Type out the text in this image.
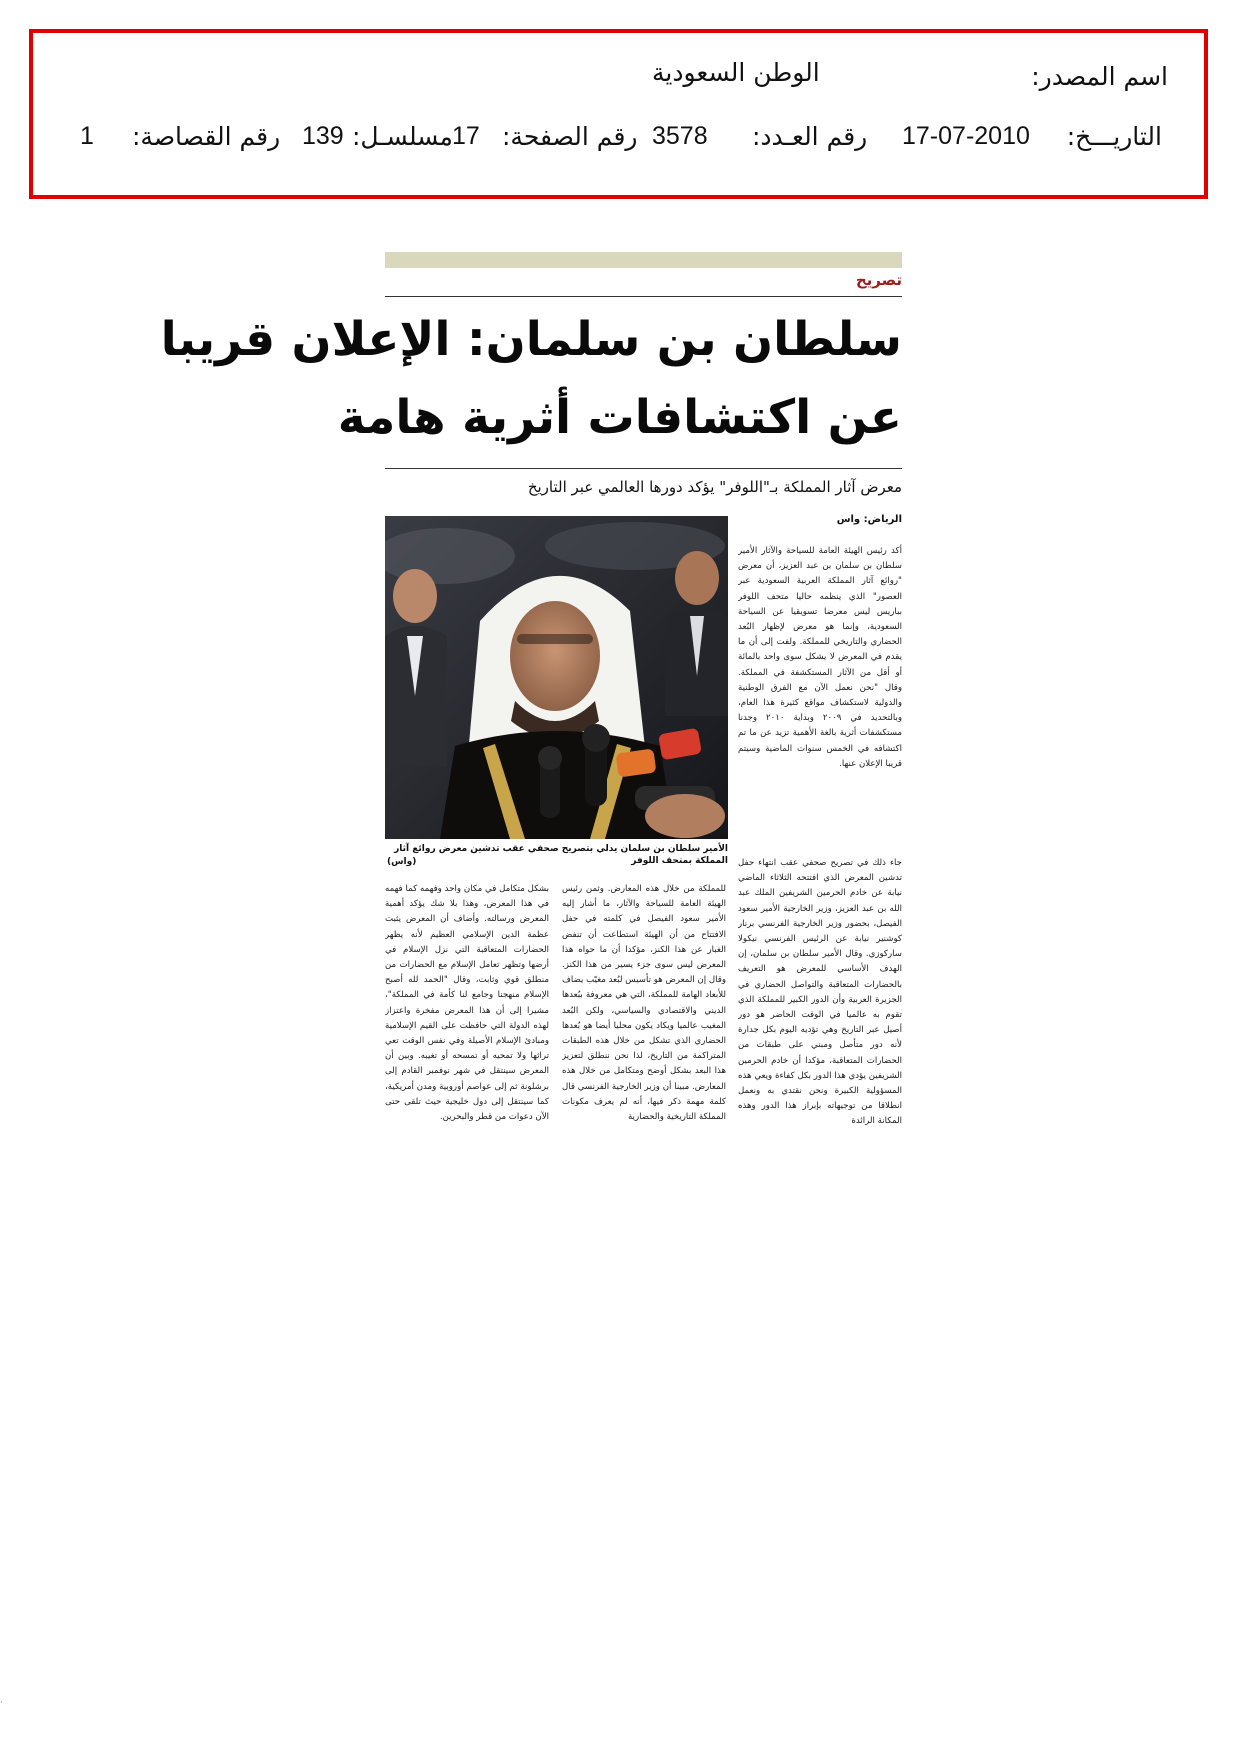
اسم المصدر:
الوطن السعودية
التاريـــخ:
17-07-2010
رقم العـدد:
3578
رقم الصفحة:
17
مسلسـل:
139
رقم القصاصة:
1
تصريح
سلطان بن سلمان: الإعلان قريبا
عن اكتشافات أثرية هامة
معرض آثار المملكة بـ"اللوفر" يؤكد دورها العالمي عبر التاريخ
الرياض: واس
الأمير سلطان بن سلمان يدلي بتصريح صحفي عقب تدشين معرض روائع آثار المملكة بمتحف اللوفر
(واس)
أكد رئيس الهيئة العامة للسياحة والآثار الأمير سلطان بن سلمان بن عبد العزيز، أن معرض "روائع آثار المملكة العربية السعودية عبر العصور" الذي ينظمه حاليا متحف اللوفر بباريس ليس معرضا تسويقيا عن السياحة السعودية، وإنما هو معرض لإظهار البُعد الحضاري والتاريخي للمملكة. ولفت إلى أن ما يقدم في المعرض لا يشكل سوى واحد بالمائة أو أقل من الآثار المستكشفة في المملكة. وقال "نحن نعمل الآن مع الفرق الوطنية والدولية لاستكشاف مواقع كثيرة هذا العام، وبالتحديد في ٢٠٠٩ وبداية ٢٠١٠ وجدنا مستكشفات أثرية بالغة الأهمية تزيد عن ما تم اكتشافه في الخمس سنوات الماضية وسيتم قريبا الإعلان عنها.
جاء ذلك في تصريح صحفي عقب انتهاء حفل تدشين المعرض الذي افتتحه الثلاثاء الماضي نيابة عن خادم الحرمين الشريفين الملك عبد الله بن عبد العزيز، وزير الخارجية الأمير سعود الفيصل، بحضور وزير الخارجية الفرنسي برنار كوشنير نيابة عن الرئيس الفرنسي نيكولا ساركوزي. وقال الأمير سلطان بن سلمان، إن الهدف الأساسي للمعرض هو التعريف بالحضارات المتعاقبة والتواصل الحضاري في الجزيرة العربية وأن الدور الكبير للمملكة الذي تقوم به عالميا في الوقت الحاضر هو دور أصيل عبر التاريخ وهي تؤديه اليوم بكل جدارة لأنه دور متأصل ومبني على طبقات من الحضارات المتعاقبة، مؤكدا أن خادم الحرمين الشريفين يؤدي هذا الدور بكل كفاءة ويعي هذه المسؤولية الكبيرة ونحن نقتدي به ونعمل انطلاقا من توجيهاته بإبراز هذا الدور وهذه المكانة الرائدة
للمملكة من خلال هذه المعارض. وثمن رئيس الهيئة العامة للسياحة والآثار، ما أشار إليه الأمير سعود الفيصل في كلمته في حفل الافتتاح من أن الهيئة استطاعت أن تنفض الغبار عن هذا الكنز، مؤكدا أن ما حواه هذا المعرض ليس سوى جزء يسير من هذا الكنز. وقال إن المعرض هو تأسيس لبُعد مغيّب يضاف للأبعاد الهامة للمملكة، التي هي معروفة ببُعدها الديني والاقتصادي والسياسي، ولكن البُعد المغيب عالميا ويكاد يكون محليا أيضا هو بُعدها الحضاري الذي تشكل من خلال هذه الطبقات المتراكمة من التاريخ، لذا نحن ننطلق لتعزيز هذا البعد بشكل أوضح ومتكامل من خلال هذه المعارض. مبينا أن وزير الخارجية الفرنسي قال كلمة مهمة ذكر فيها، أنه لم يعرف مكونات المملكة التاريخية والحضارية
بشكل متكامل في مكان واحد وفهمه كما فهمه في هذا المعرض، وهذا بلا شك يؤكد أهمية المعرض ورسالته. وأضاف أن المعرض يثبت عظمة الدين الإسلامي العظيم لأنه يظهر الحضارات المتعاقبة التي نزل الإسلام في أرضها وتظهر تعامل الإسلام مع الحضارات من منطلق قوي وثابت، وقال "الحمد لله أصبح الإسلام منهجنا وجامع لنا كأمة في المملكة"، مشيرا إلى أن هذا المعرض مفخرة واعتزاز لهذه الدولة التي حافظت على القيم الإسلامية ومبادئ الإسلام الأصيلة وفي نفس الوقت تعي تراثها ولا تمحيه أو تمسحه أو تغيبه. وبين أن المعرض سينتقل في شهر نوفمبر القادم إلى برشلونة ثم إلى عواصم أوروبية ومدن أمريكية، كما سينتقل إلى دول خليجية حيث تلقى حتى الآن دعوات من قطر والبحرين.
·
